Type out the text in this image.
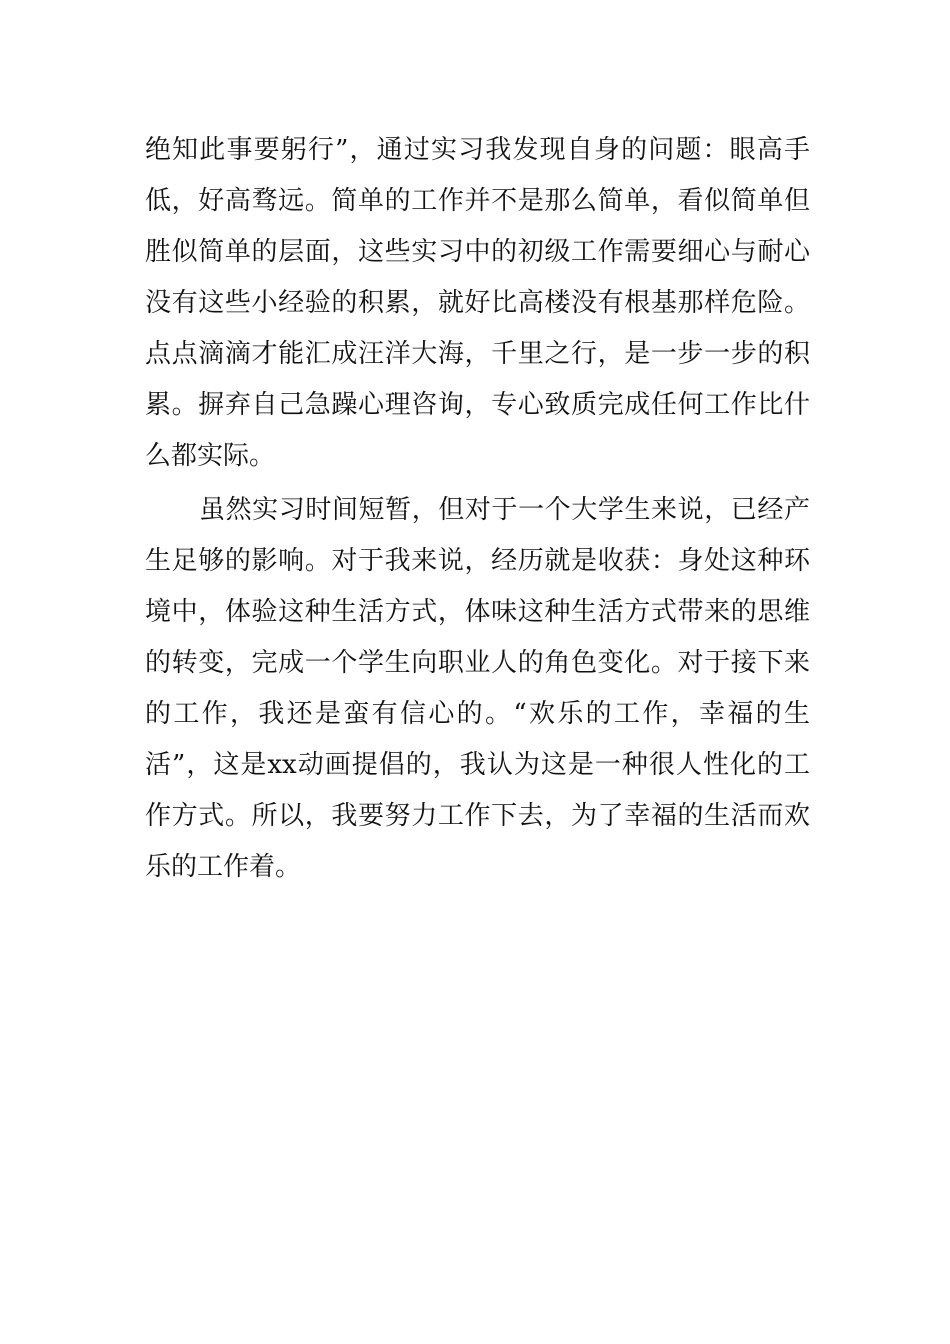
绝知此事要躬行”，通过实习我发现自身的问题：眼高手
低，好高骛远。简单的工作并不是那么简单，看似简单但
胜似简单的层面，这些实习中的初级工作需要细心与耐心
没有这些小经验的积累，就好比高楼没有根基那样危险。
点点滴滴才能汇成汪洋大海，千里之行，是一步一步的积
累。摒弃自己急躁心理咨询，专心致质完成任何工作比什
么都实际。
虽然实习时间短暂，但对于一个大学生来说，已经产
生足够的影响。对于我来说，经历就是收获：身处这种环
境中，体验这种生活方式，体味这种生活方式带来的思维
的转变，完成一个学生向职业人的角色变化。对于接下来
的工作，我还是蛮有信心的。“欢乐的工作，幸福的生
活”，这是xx动画提倡的，我认为这是一种很人性化的工
作方式。所以，我要努力工作下去，为了幸福的生活而欢
乐的工作着。
